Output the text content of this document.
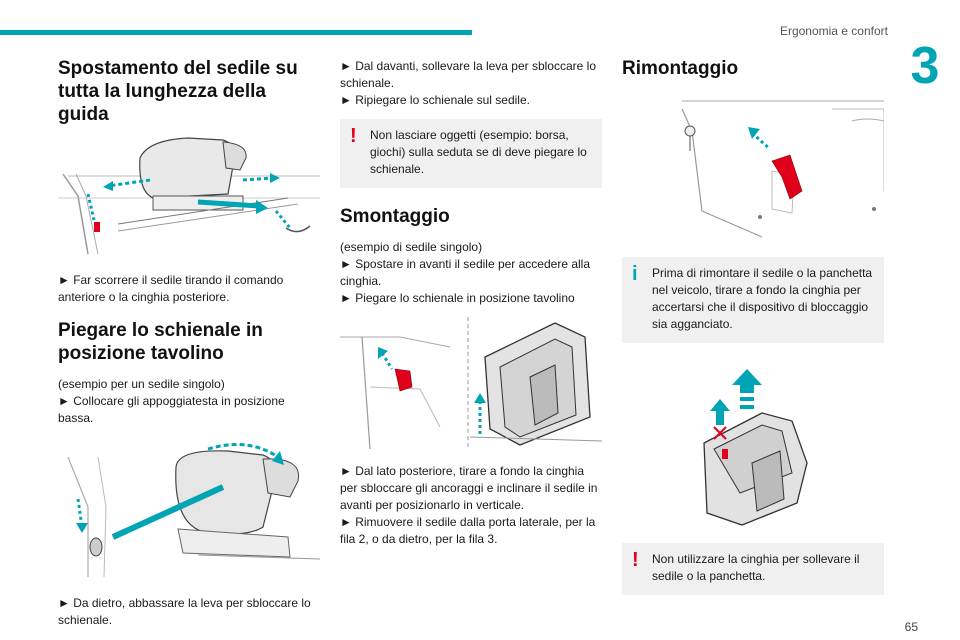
Ergonomia e confort
3
Spostamento del sedile su tutta la lunghezza della guida

► Far scorrere il sedile tirando il comando anteriore o la cinghia posteriore.

Piegare lo schienale in posizione tavolino

(esempio per un sedile singolo)

► Collocare gli appoggiatesta in posizione bassa.

► Da dietro, abbassare la leva per sbloccare lo schienale.

► Dal davanti, sollevare la leva per sbloccare lo schienale.

► Ripiegare lo schienale sul sedile.

! Non lasciare oggetti (esempio: borsa, giochi) sulla seduta se di deve piegare lo schienale.
Smontaggio

(esempio di sedile singolo)

► Spostare in avanti il sedile per accedere alla cinghia.

► Piegare lo schienale in posizione tavolino

► Dal lato posteriore, tirare a fondo la cinghia per sbloccare gli ancoraggi e inclinare il sedile in avanti per posizionarlo in verticale.

► Rimuovere il sedile dalla porta laterale, per la fila 2, o da dietro, per la fila 3.

Rimontaggio
i Prima di rimontare il sedile o la panchetta nel veicolo, tirare a fondo la cinghia per accertarsi che il dispositivo di bloccaggio sia agganciato.
! Non utilizzare la cinghia per sollevare il sedile o la panchetta.
65
